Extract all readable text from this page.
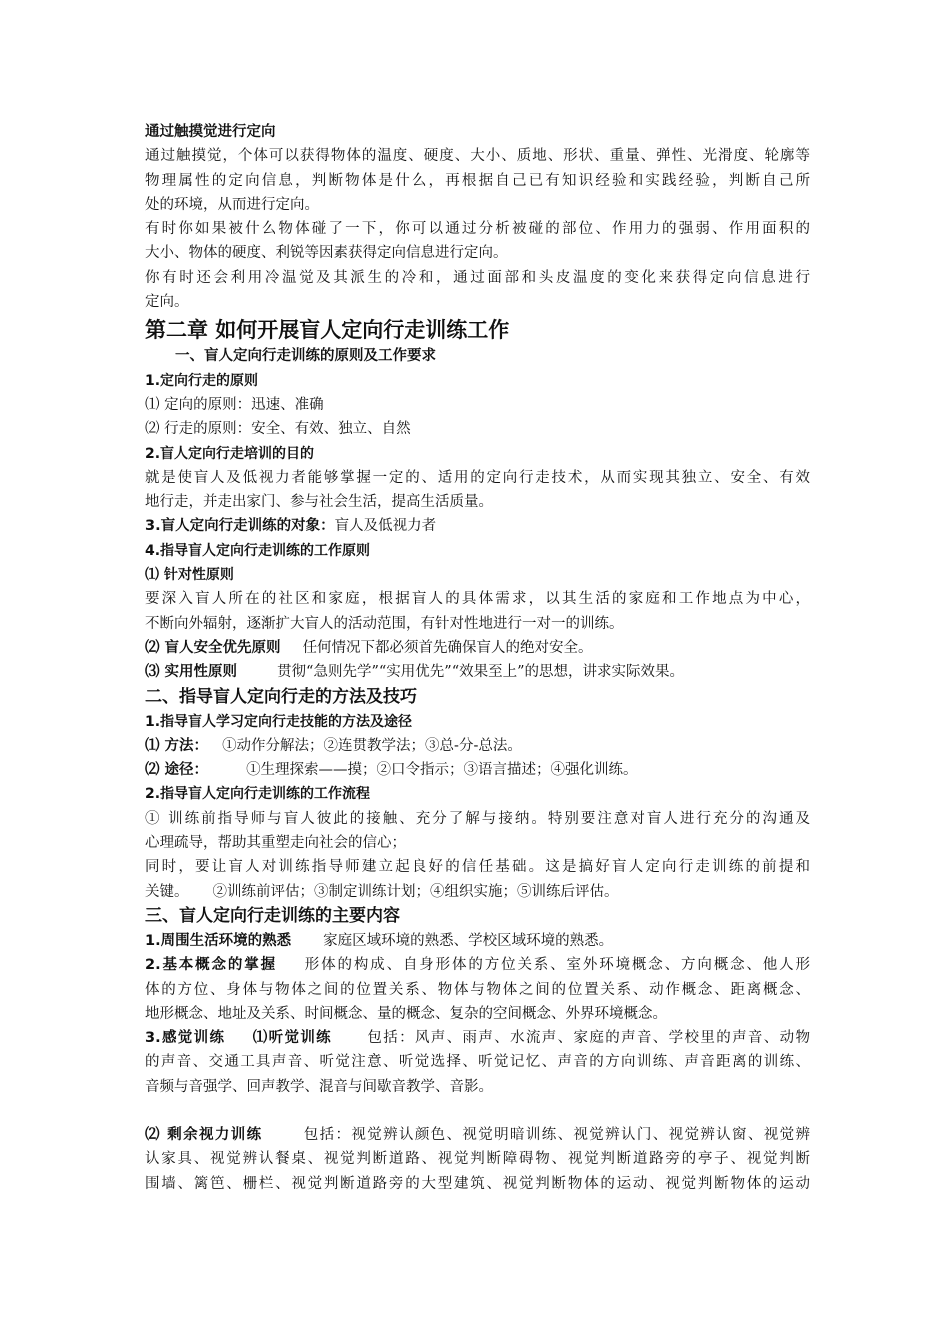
通过触摸觉进行定向

通过触摸觉，个体可以获得物体的温度、硬度、大小、质地、形状、重量、弹性、光滑度、轮廓等

物理属性的定向信息，判断物体是什么，再根据自己已有知识经验和实践经验，判断自己所

处的环境，从而进行定向。

有时你如果被什么物体碰了一下，你可以通过分析被碰的部位、作用力的强弱、作用面积的

大小、物体的硬度、利锐等因素获得定向信息进行定向。

你有时还会利用冷温觉及其派生的冷和，通过面部和头皮温度的变化来获得定向信息进行

定向。

第二章 如何开展盲人定向行走训练工作

一、盲人定向行走训练的原则及工作要求

1.定向行走的原则

⑴ 定向的原则：迅速、准确

⑵ 行走的原则：安全、有效、独立、自然

2.盲人定向行走培训的目的

就是使盲人及低视力者能够掌握一定的、适用的定向行走技术，从而实现其独立、安全、有效

地行走，并走出家门、参与社会生活，提高生活质量。

3.盲人定向行走训练的对象：盲人及低视力者

4.指导盲人定向行走训练的工作原则

⑴ 针对性原则

要深入盲人所在的社区和家庭，根据盲人的具体需求，以其生活的家庭和工作地点为中心，

不断向外辐射，逐渐扩大盲人的活动范围，有针对性地进行一对一的训练。

⑵ 盲人安全优先原则 任何情况下都必须首先确保盲人的绝对安全。

⑶ 实用性原则	贯彻“急则先学”“实用优先”“效果至上”的思想，讲求实际效果。

二、指导盲人定向行走的方法及技巧

1.指导盲人学习定向行走技能的方法及途径

⑴ 方法： ①动作分解法；②连贯教学法；③总-分-总法。

⑵ 途径：	①生理探索——摸；②口令指示；③语言描述；④强化训练。

2.指导盲人定向行走训练的工作流程

① 训练前指导师与盲人彼此的接触、充分了解与接纳。特别要注意对盲人进行充分的沟通及

心理疏导，帮助其重塑走向社会的信心；

同时，要让盲人对训练指导师建立起良好的信任基础。这是搞好盲人定向行走训练的前提和

关键。 ②训练前评估；③制定训练计划；④组织实施；⑤训练后评估。

三、盲人定向行走训练的主要内容

1.周围生活环境的熟悉 家庭区域环境的熟悉、学校区域环境的熟悉。

2.基本概念的掌握 形体的构成、自身形体的方位关系、室外环境概念、方向概念、他人形

体的方位、身体与物体之间的位置关系、物体与物体之间的位置关系、动作概念、距离概念、

地形概念、地址及关系、时间概念、量的概念、复杂的空间概念、外界环境概念。

3.感觉训练 ⑴听觉训练 包括：风声、雨声、水流声、家庭的声音、学校里的声音、动物

的声音、交通工具声音、听觉注意、听觉选择、听觉记忆、声音的方向训练、声音距离的训练、

音频与音强学、回声教学、混音与间歇音教学、音影。

⑵ 剩余视力训练	包括：视觉辨认颜色、视觉明暗训练、视觉辨认门、视觉辨认窗、视觉辨

认家具、视觉辨认餐桌、视觉判断道路、视觉判断障碍物、视觉判断道路旁的亭子、视觉判断

围墙、篱笆、栅栏、视觉判断道路旁的大型建筑、视觉判断物体的运动、视觉判断物体的运动
